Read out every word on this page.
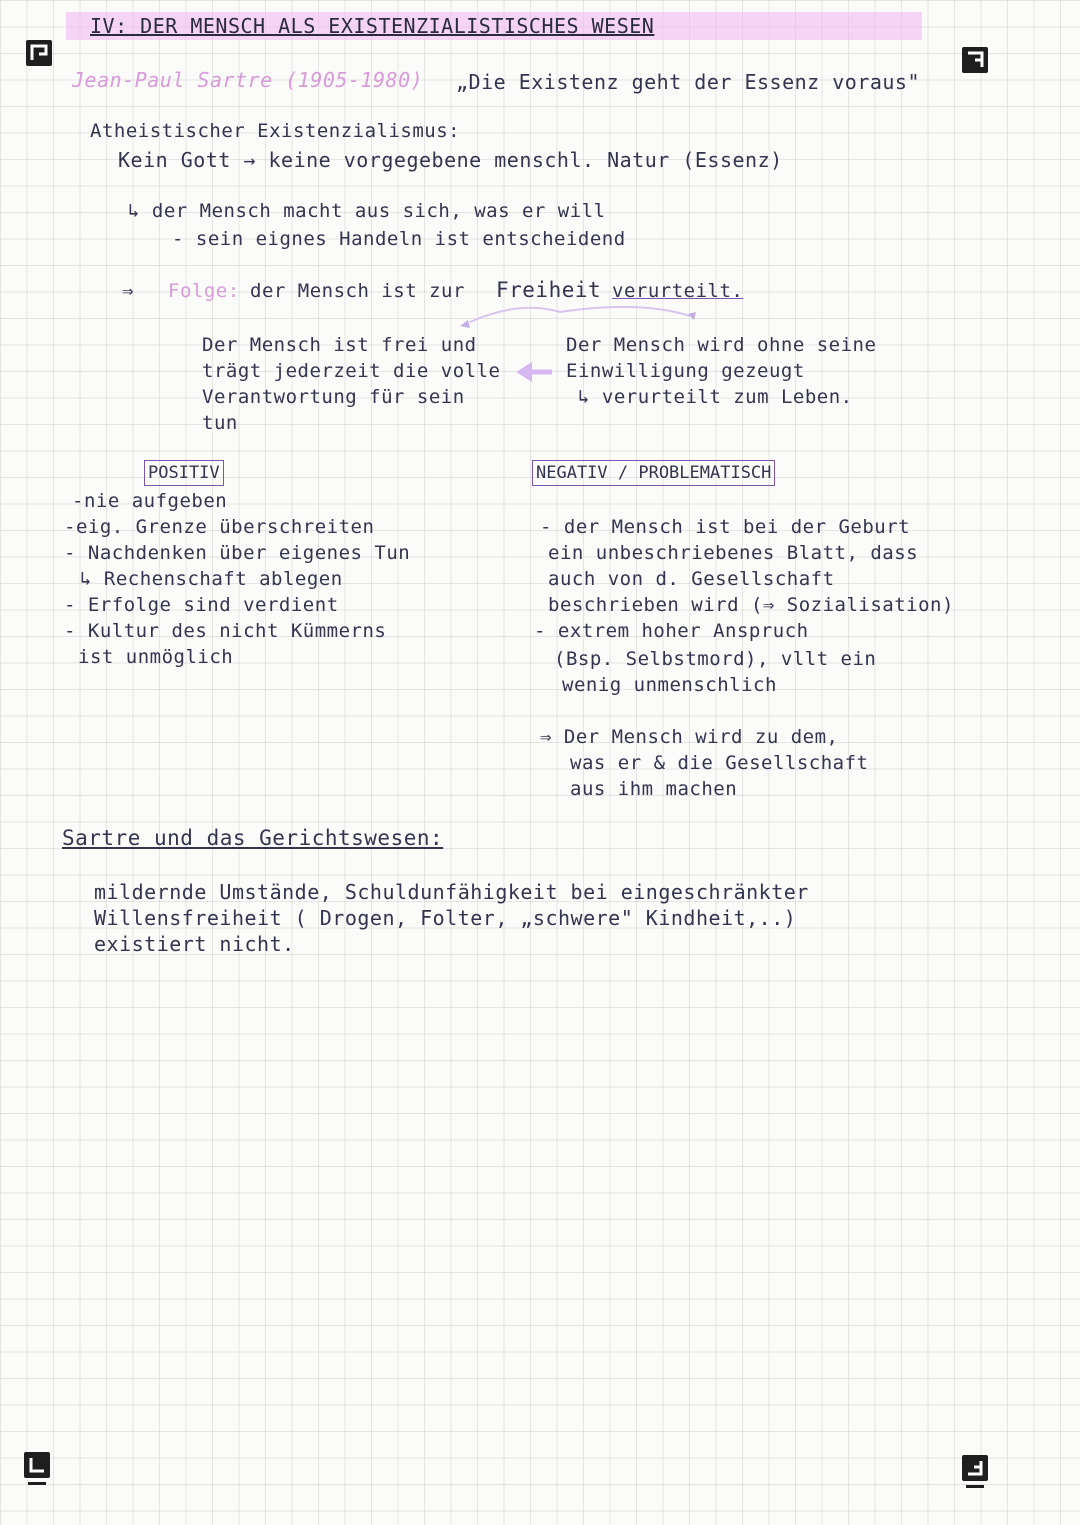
IV: DER MENSCH ALS EXISTENZIALISTISCHES WESEN
Jean-Paul Sartre (1905-1980) „Die Existenz geht der Essenz voraus"
Atheistischer Existenzialismus:
Kein Gott → keine vorgegebene menschl. Natur (Essenz)
↳ der Mensch macht aus sich, was er will
- sein eignes Handeln ist entscheidend
⇒ Folge: der Mensch ist zur Freiheit verurteilt.
Der Mensch ist frei und
trägt jederzeit die volle
Verantwortung für sein
tun
Der Mensch wird ohne seine
Einwilligung gezeugt
↳ verurteilt zum Leben.
POSITIV
-nie aufgeben
-eig. Grenze überschreiten
- Nachdenken über eigenes Tun
↳ Rechenschaft ablegen
- Erfolge sind verdient
- Kultur des nicht Kümmerns
ist unmöglich
NEGATIV / PROBLEMATISCH
- der Mensch ist bei der Geburt
ein unbeschriebenes Blatt, dass
auch von d. Gesellschaft
beschrieben wird (⇒ Sozialisation)
- extrem hoher Anspruch
(Bsp. Selbstmord), vllt ein
wenig unmenschlich
⇒ Der Mensch wird zu dem,
was er & die Gesellschaft
aus ihm machen
Sartre und das Gerichtswesen:
mildernde Umstände, Schuldunfähigkeit bei eingeschränkter
Willensfreiheit ( Drogen, Folter, „schwere" Kindheit,..)
existiert nicht.
